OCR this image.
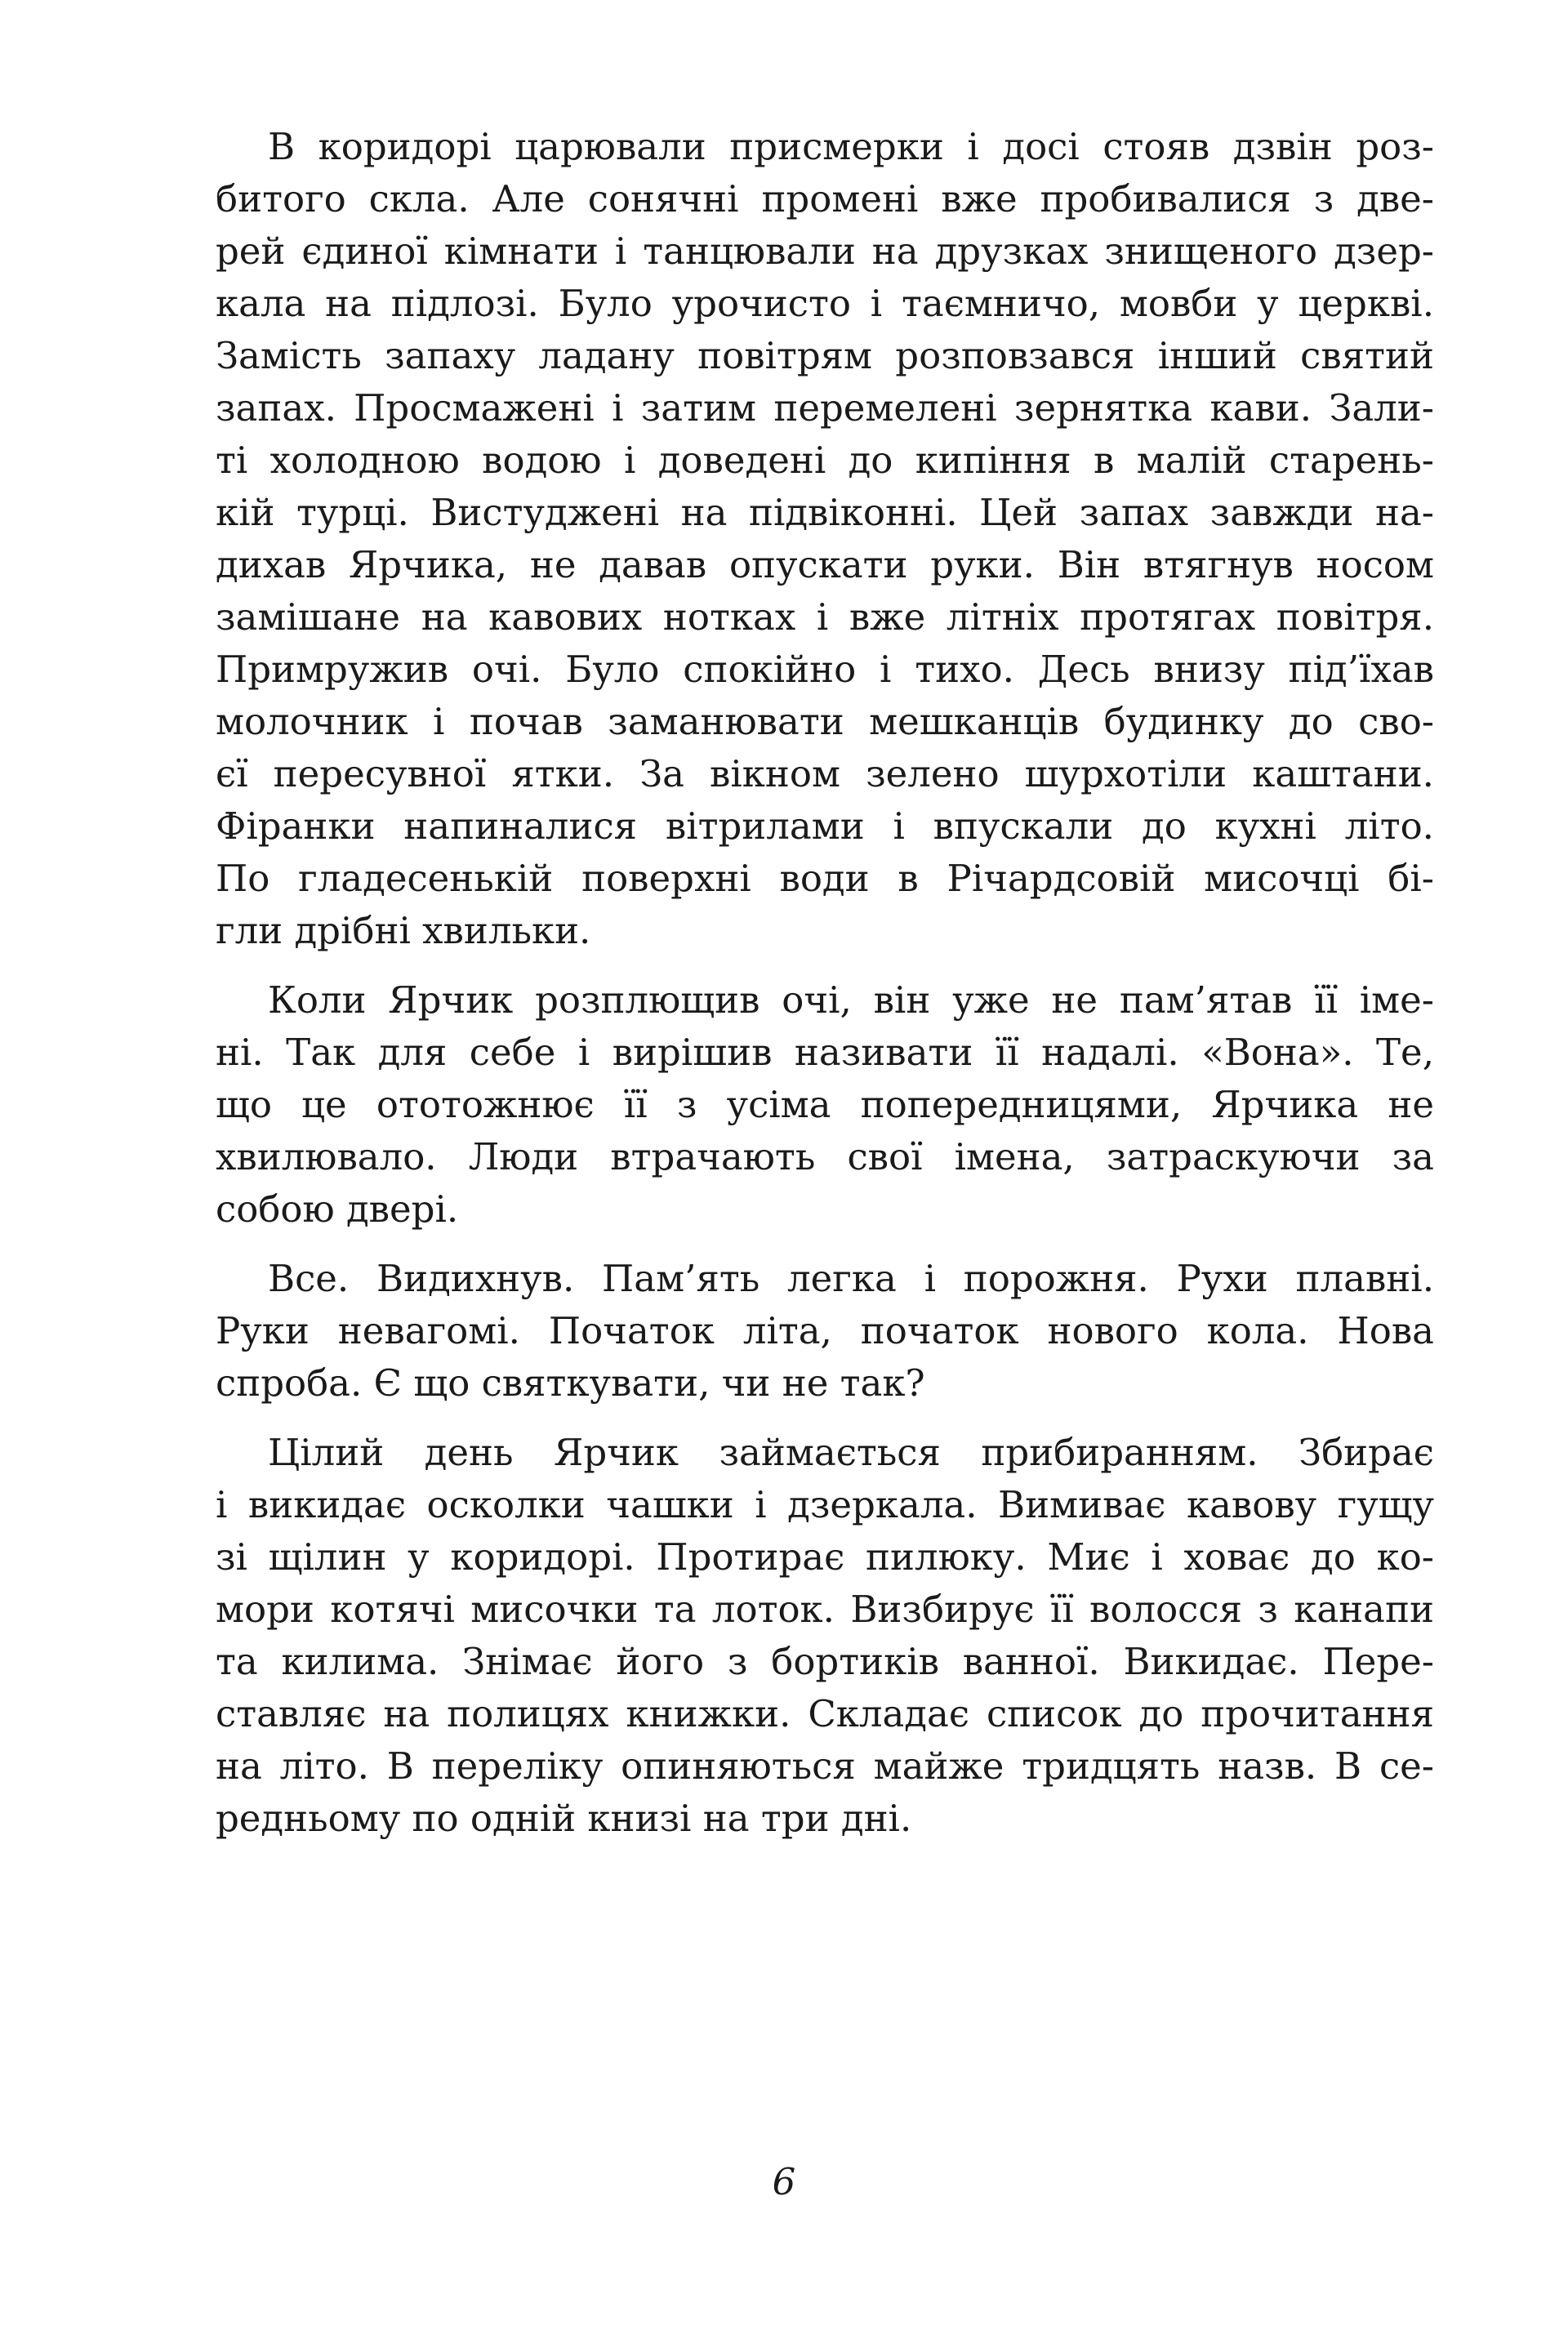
В коридорі царювали присмерки і досі стояв дзвін роз-
битого скла. Але сонячні промені вже пробивалися з две-
рей єдиної кімнати і танцювали на друзках знищеного дзер-
кала на підлозі. Було урочисто і таємничо, мовби у церкві.
Замість запаху ладану повітрям розповзався інший святий
запах. Просмажені і затим перемелені зернятка кави. Зали-
ті холодною водою і доведені до кипіння в малій старень-
кій турці. Вистуджені на підвіконні. Цей запах завжди на-
дихав Ярчика, не давав опускати руки. Він втягнув носом
замішане на кавових нотках і вже літніх протягах повітря.
Примружив очі. Було спокійно і тихо. Десь внизу під’їхав
молочник і почав заманювати мешканців будинку до сво-
єї пересувної ятки. За вікном зелено шурхотіли каштани.
Фіранки напиналися вітрилами і впускали до кухні літо.
По гладесенькій поверхні води в Річардсовій мисочці бі-
гли дрібні хвильки.
Коли Ярчик розплющив очі, він уже не пам’ятав її іме-
ні. Так для себе і вирішив називати її надалі. «Вона». Те,
що це ототожнює її з усіма попередницями, Ярчика не
хвилювало. Люди втрачають свої імена, затраскуючи за
собою двері.
Все. Видихнув. Пам’ять легка і порожня. Рухи плавні.
Руки невагомі. Початок літа, початок нового кола. Нова
спроба. Є що святкувати, чи не так?
Цілий день Ярчик займається прибиранням. Збирає
і викидає осколки чашки і дзеркала. Вимиває кавову гущу
зі щілин у коридорі. Протирає пилюку. Миє і ховає до ко-
мори котячі мисочки та лоток. Визбирує її волосся з канапи
та килима. Знімає його з бортиків ванної. Викидає. Пере-
ставляє на полицях книжки. Складає список до прочитання
на літо. В переліку опиняються майже тридцять назв. В се-
редньому по одній книзі на три дні.
6
